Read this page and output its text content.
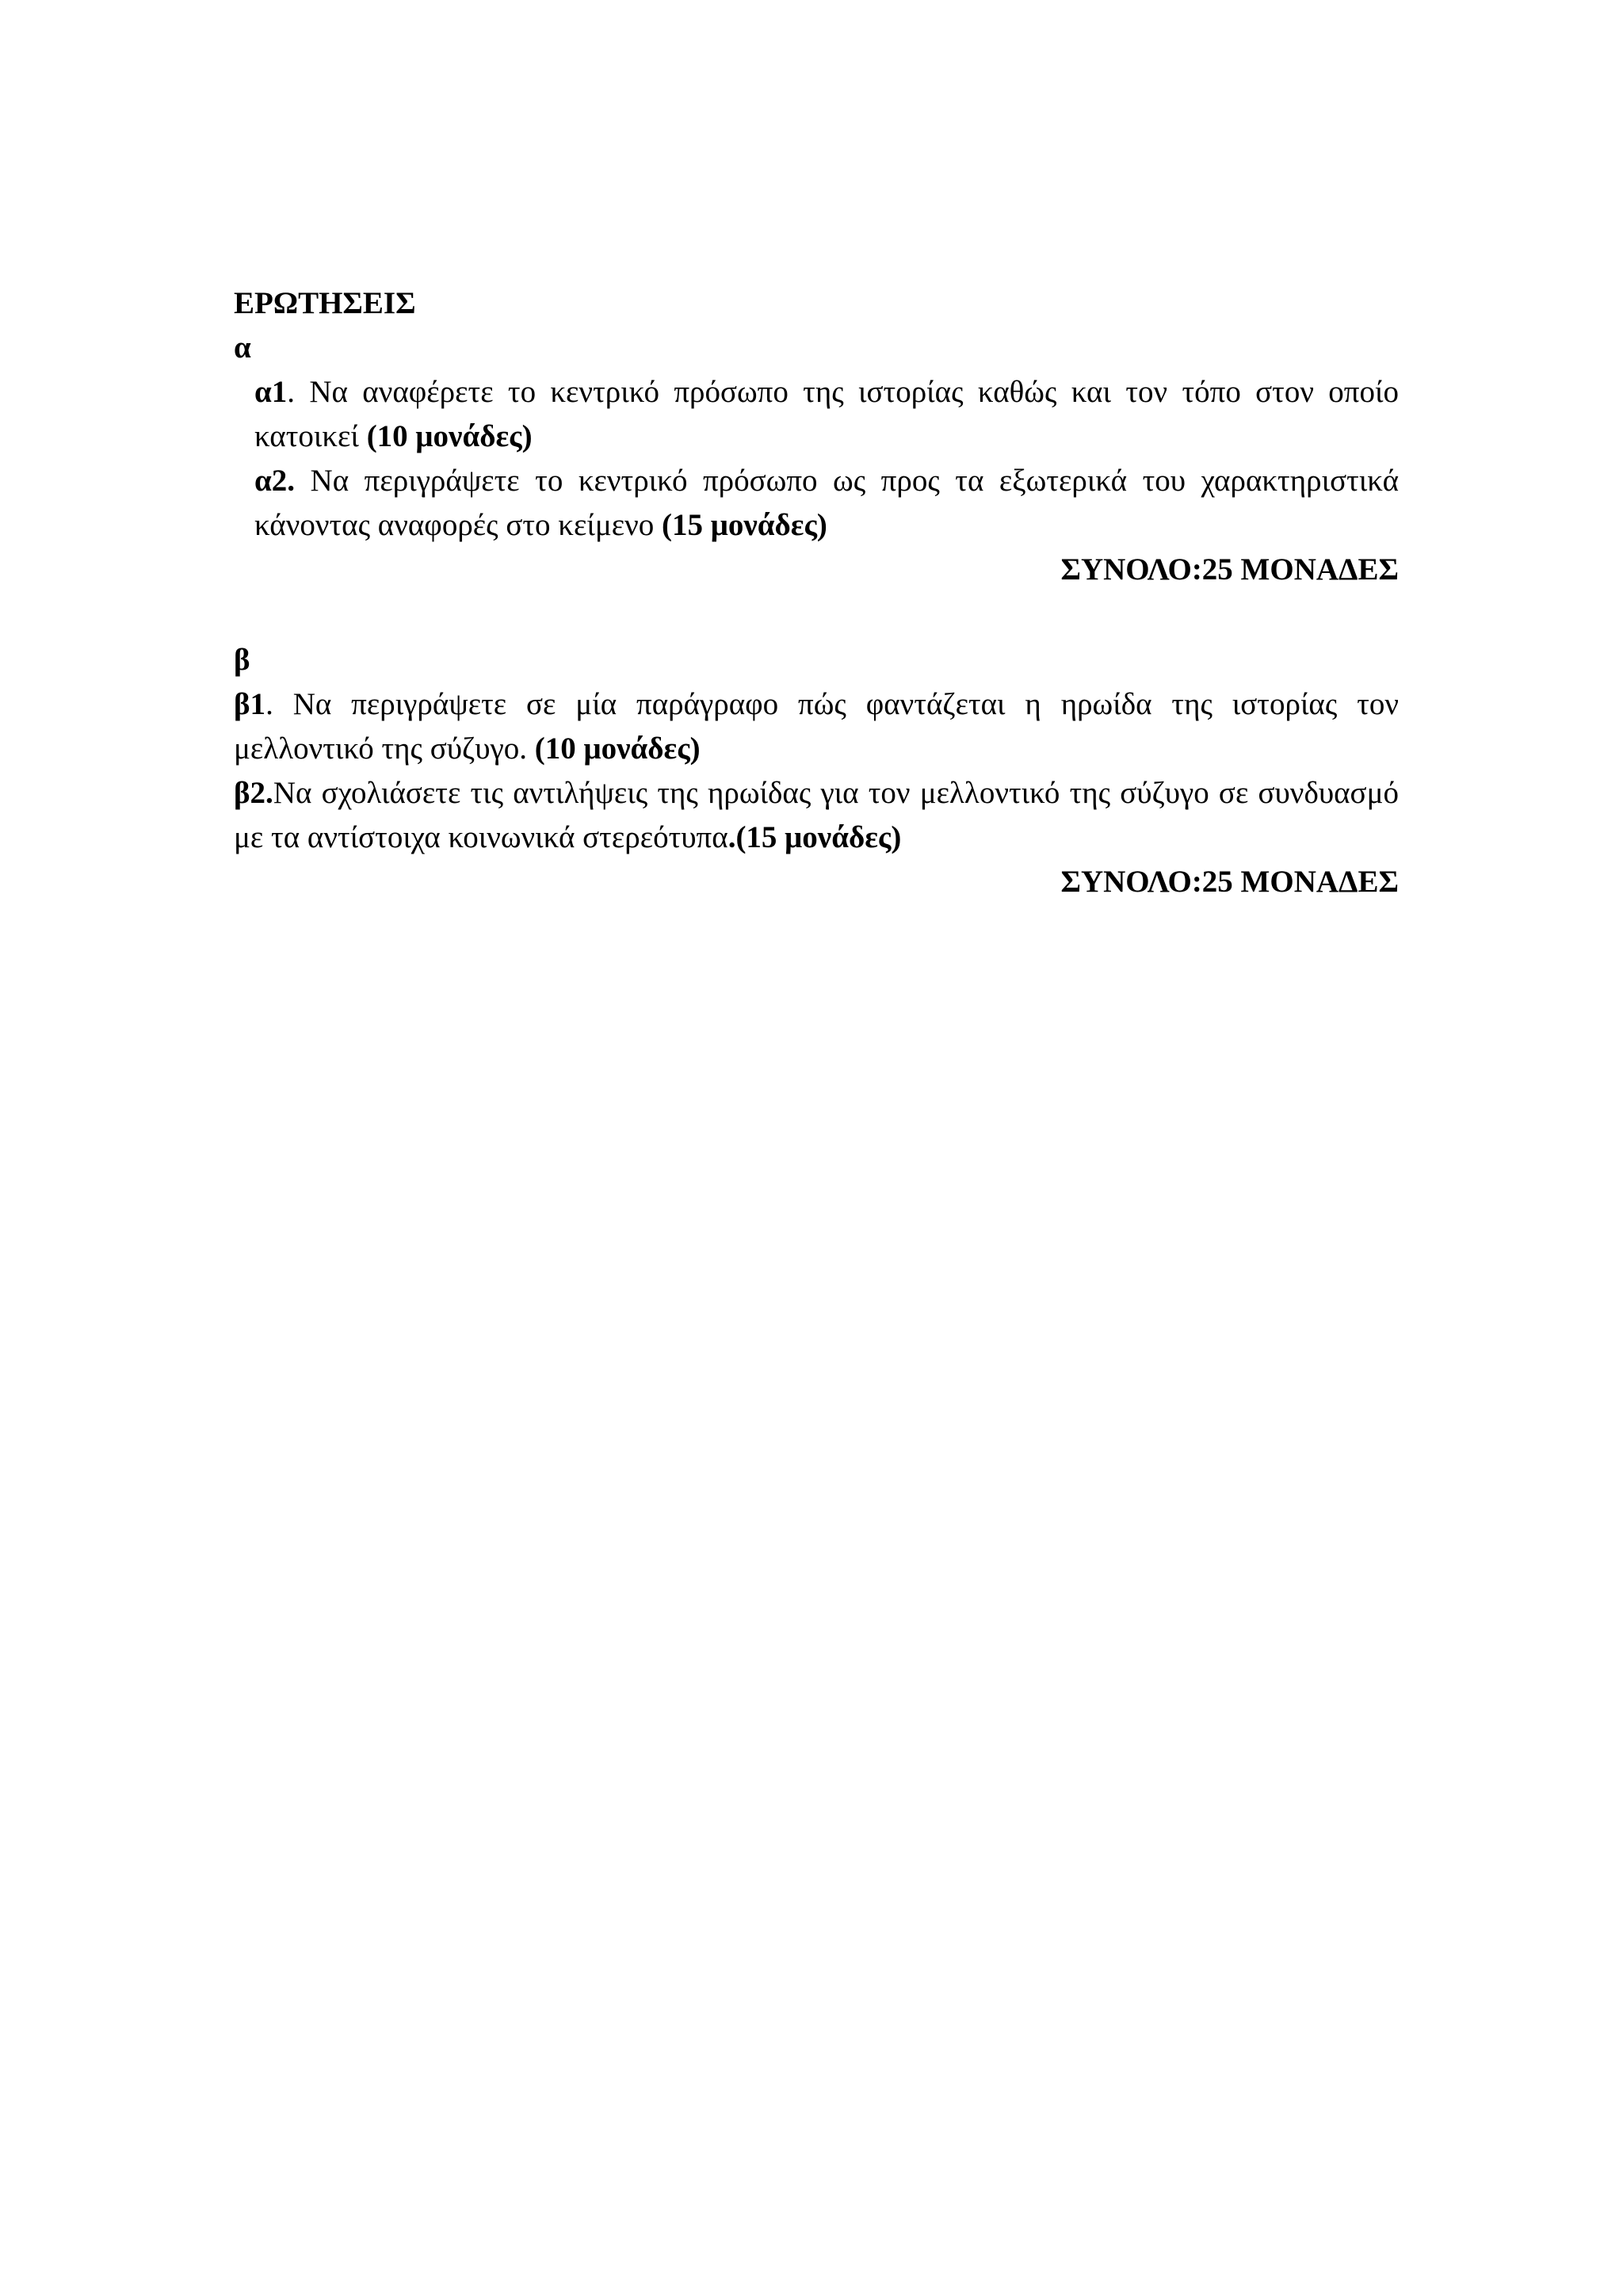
ΕΡΩΤΗΣΕΙΣ
α
α1. Να αναφέρετε το κεντρικό πρόσωπο της ιστορίας καθώς και τον τόπο στον οποίο κατοικεί (10 μονάδες)
α2. Να περιγράψετε το κεντρικό πρόσωπο ως προς τα εξωτερικά του χαρακτηριστικά κάνοντας αναφορές στο κείμενο (15 μονάδες)
ΣΥΝΟΛΟ:25 ΜΟΝΑΔΕΣ
β
β1. Να περιγράψετε σε μία παράγραφο πώς φαντάζεται η ηρωίδα της ιστορίας τον μελλοντικό της σύζυγο. (10 μονάδες)
β2.Να σχολιάσετε τις αντιλήψεις της ηρωίδας για τον μελλοντικό της σύζυγο σε συνδυασμό με τα αντίστοιχα κοινωνικά στερεότυπα.(15 μονάδες)
ΣΥΝΟΛΟ:25 ΜΟΝΑΔΕΣ
